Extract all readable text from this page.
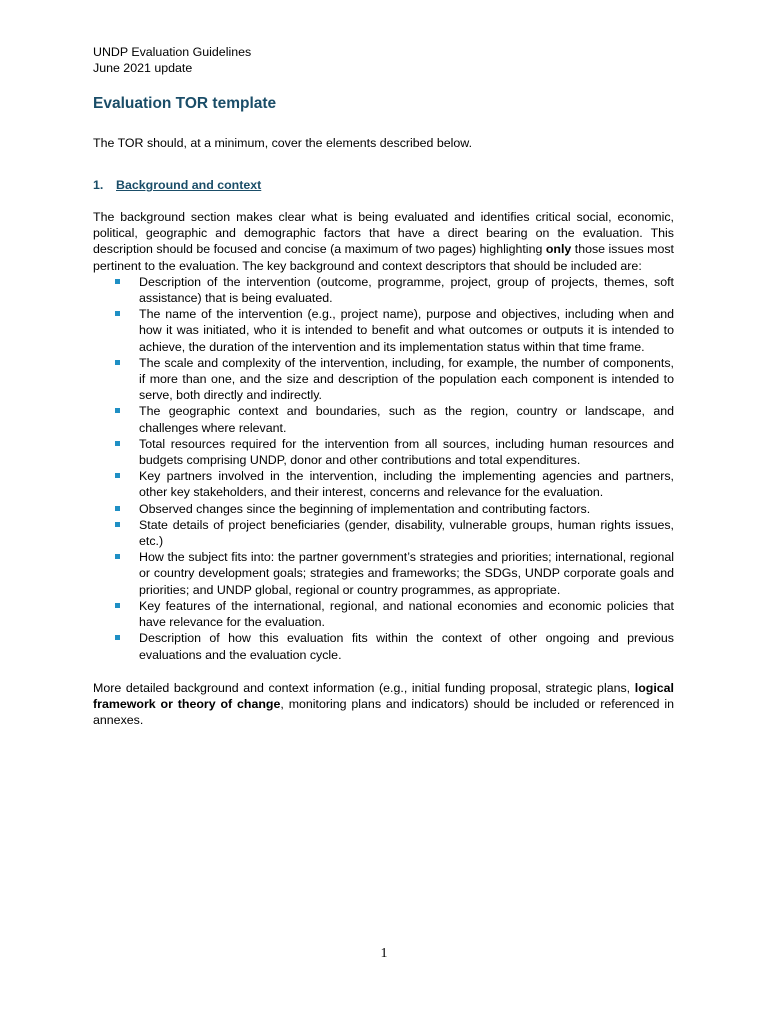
UNDP Evaluation Guidelines
June 2021 update
Evaluation TOR template
The TOR should, at a minimum, cover the elements described below.
1. Background and context
The background section makes clear what is being evaluated and identifies critical social, economic, political, geographic and demographic factors that have a direct bearing on the evaluation. This description should be focused and concise (a maximum of two pages) highlighting only those issues most pertinent to the evaluation. The key background and context descriptors that should be included are:
Description of the intervention (outcome, programme, project, group of projects, themes, soft assistance) that is being evaluated.
The name of the intervention (e.g., project name), purpose and objectives, including when and how it was initiated, who it is intended to benefit and what outcomes or outputs it is intended to achieve, the duration of the intervention and its implementation status within that time frame.
The scale and complexity of the intervention, including, for example, the number of components, if more than one, and the size and description of the population each component is intended to serve, both directly and indirectly.
The geographic context and boundaries, such as the region, country or landscape, and challenges where relevant.
Total resources required for the intervention from all sources, including human resources and budgets comprising UNDP, donor and other contributions and total expenditures.
Key partners involved in the intervention, including the implementing agencies and partners, other key stakeholders, and their interest, concerns and relevance for the evaluation.
Observed changes since the beginning of implementation and contributing factors.
State details of project beneficiaries (gender, disability, vulnerable groups, human rights issues, etc.)
How the subject fits into: the partner government’s strategies and priorities; international, regional or country development goals; strategies and frameworks; the SDGs, UNDP corporate goals and priorities; and UNDP global, regional or country programmes, as appropriate.
Key features of the international, regional, and national economies and economic policies that have relevance for the evaluation.
Description of how this evaluation fits within the context of other ongoing and previous evaluations and the evaluation cycle.
More detailed background and context information (e.g., initial funding proposal, strategic plans, logical framework or theory of change, monitoring plans and indicators) should be included or referenced in annexes.
1
